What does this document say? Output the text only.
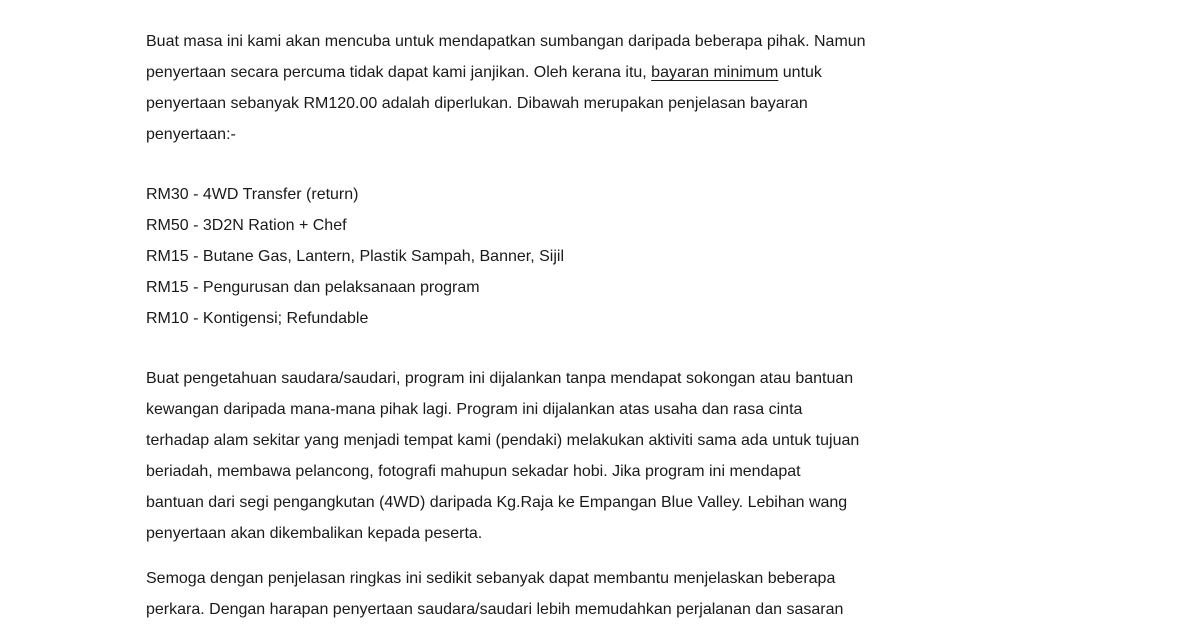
Buat masa ini kami akan mencuba untuk mendapatkan sumbangan daripada beberapa pihak. Namun
penyertaan secara percuma tidak dapat kami janjikan. Oleh kerana itu, bayaran minimum untuk
penyertaan sebanyak RM120.00 adalah diperlukan. Dibawah merupakan penjelasan bayaran
penyertaan:-

RM30 - 4WD Transfer (return)
RM50 - 3D2N Ration + Chef
RM15 - Butane Gas, Lantern, Plastik Sampah, Banner, Sijil
RM15 - Pengurusan dan pelaksanaan program
RM10 - Kontigensi; Refundable

Buat pengetahuan saudara/saudari, program ini dijalankan tanpa mendapat sokongan atau bantuan
kewangan daripada mana-mana pihak lagi. Program ini dijalankan atas usaha dan rasa cinta
terhadap alam sekitar yang menjadi tempat kami (pendaki) melakukan aktiviti sama ada untuk tujuan
beriadah, membawa pelancong, fotografi mahupun sekadar hobi. Jika program ini mendapat
bantuan dari segi pengangkutan (4WD) daripada Kg.Raja ke Empangan Blue Valley. Lebihan wang
penyertaan akan dikembalikan kepada peserta.

Semoga dengan penjelasan ringkas ini sedikit sebanyak dapat membantu menjelaskan beberapa
perkara. Dengan harapan penyertaan saudara/saudari lebih memudahkan perjalanan dan sasaran
